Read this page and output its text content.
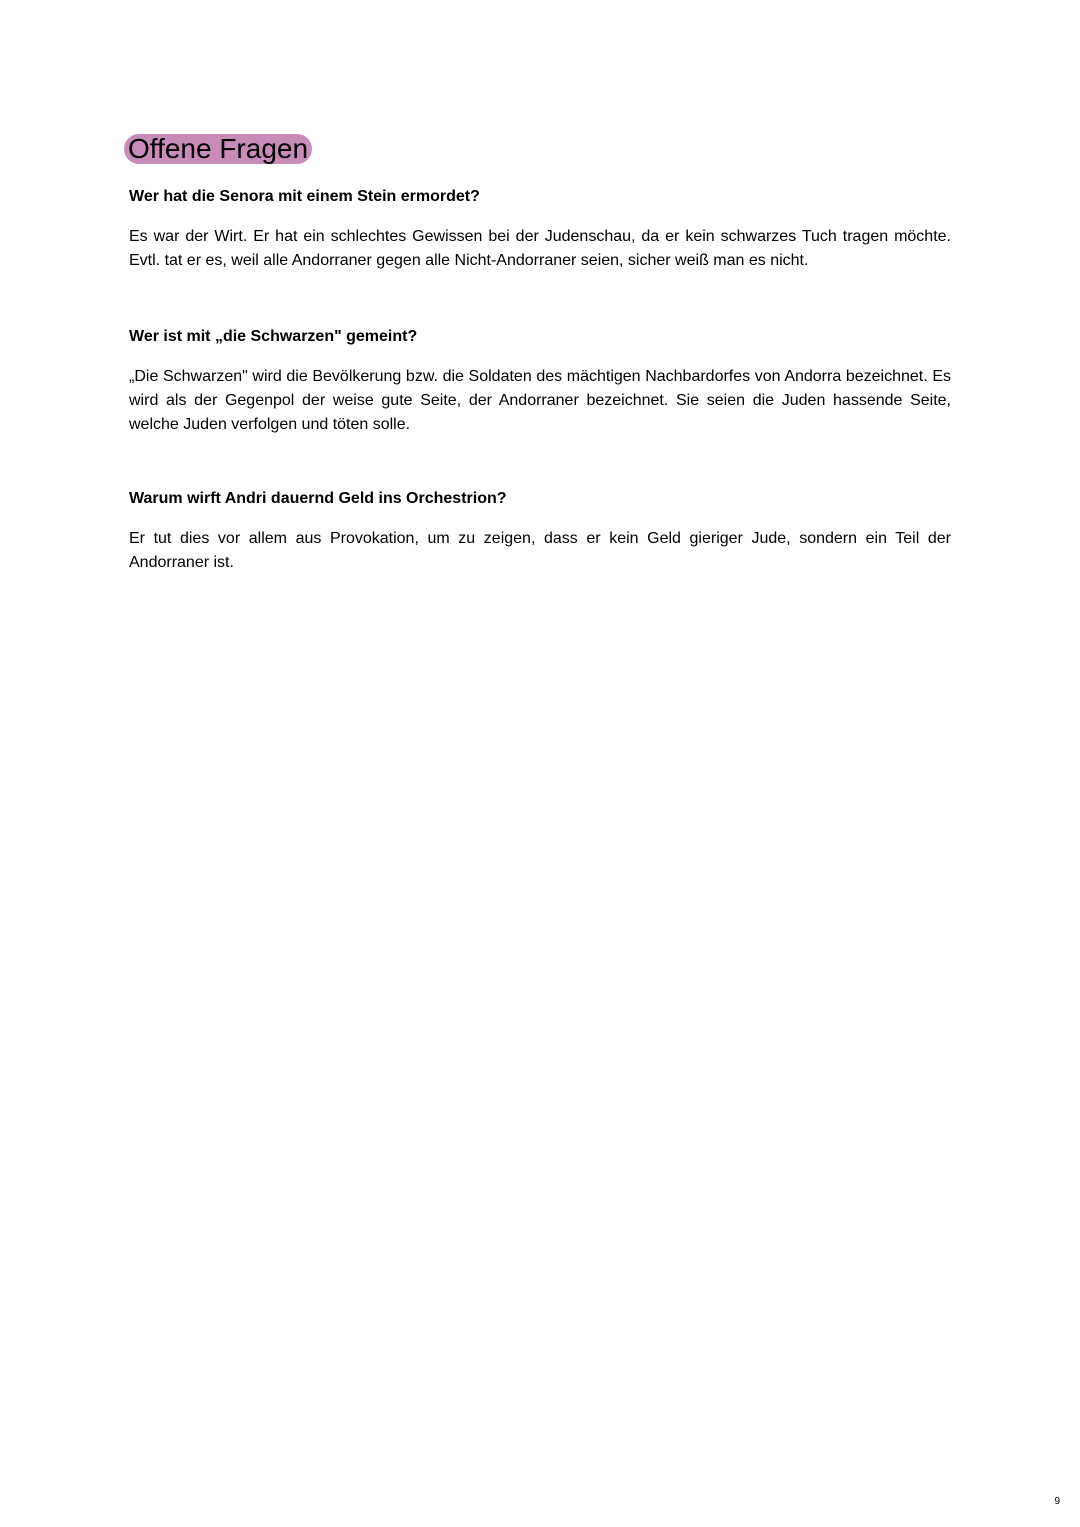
Offene Fragen

Wer hat die Senora mit einem Stein ermordet?

Es war der Wirt. Er hat ein schlechtes Gewissen bei der Judenschau, da er kein schwarzes Tuch tragen möchte. Evtl. tat er es, weil alle Andorraner gegen alle Nicht-Andorraner seien, sicher weiß man es nicht.

Wer ist mit „die Schwarzen" gemeint?

„Die Schwarzen" wird die Bevölkerung bzw. die Soldaten des mächtigen Nachbardorfes von Andorra bezeichnet. Es wird als der Gegenpol der weise gute Seite, der Andorraner bezeichnet. Sie seien die Juden hassende Seite, welche Juden verfolgen und töten solle.

Warum wirft Andri dauernd Geld ins Orchestrion?

Er tut dies vor allem aus Provokation, um zu zeigen, dass er kein Geld gieriger Jude, sondern ein Teil der Andorraner ist.

9
